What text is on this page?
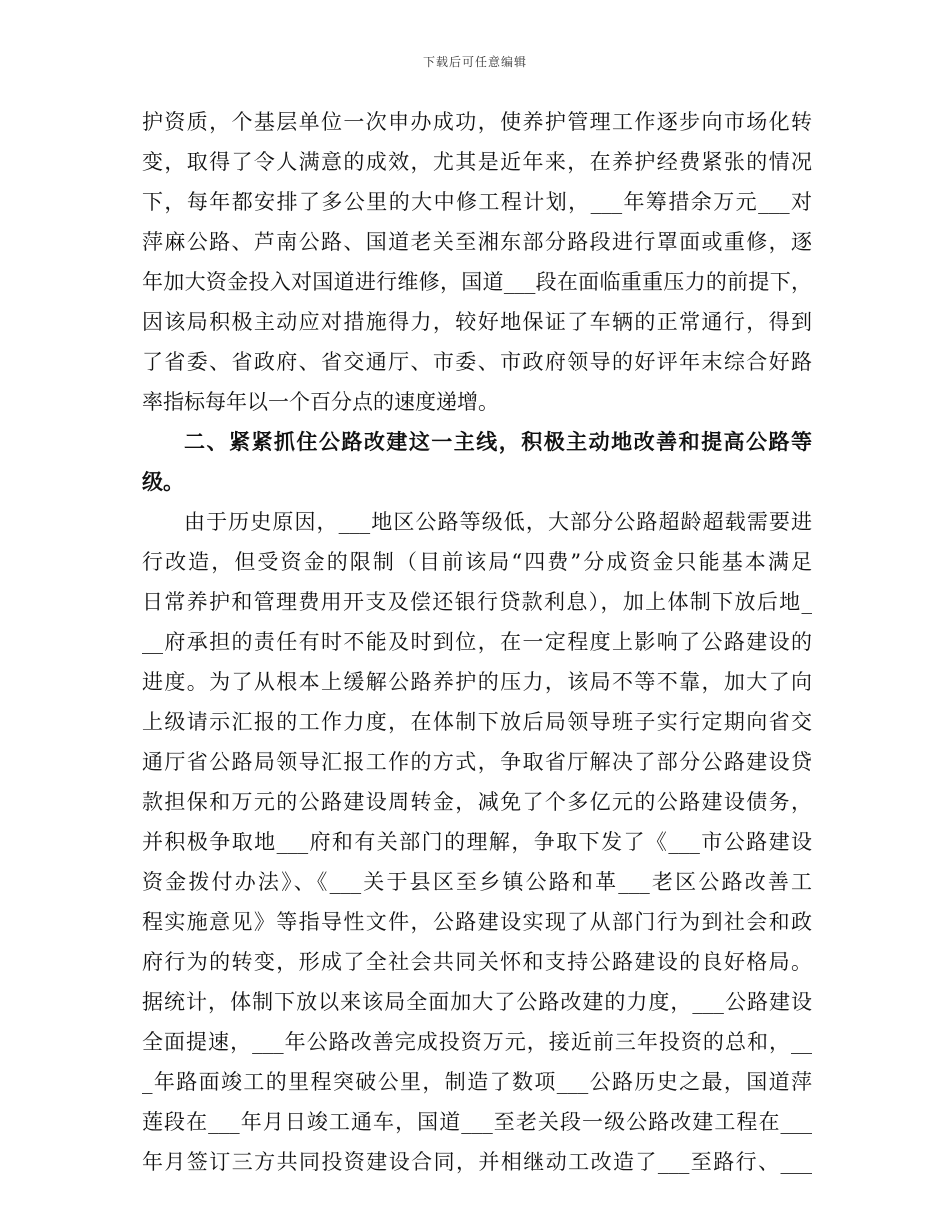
下载后可任意编辑
护资质，个基层单位一次申办成功，使养护管理工作逐步向市场化转
变，取得了令人满意的成效，尤其是近年来，在养护经费紧张的情况
下，每年都安排了多公里的大中修工程计划，___年筹措余万元___对
萍麻公路、芦南公路、国道老关至湘东部分路段进行罩面或重修，逐
年加大资金投入对国道进行维修，国道___段在面临重重压力的前提下，
因该局积极主动应对措施得力，较好地保证了车辆的正常通行，得到
了省委、省政府、省交通厅、市委、市政府领导的好评年末综合好路
率指标每年以一个百分点的速度递增。
二、紧紧抓住公路改建这一主线，积极主动地改善和提高公路等
级。
由于历史原因，___地区公路等级低，大部分公路超龄超载需要进
行改造，但受资金的限制（目前该局“四费”分成资金只能基本满足
日常养护和管理费用开支及偿还银行贷款利息），加上体制下放后地_
__府承担的责任有时不能及时到位，在一定程度上影响了公路建设的
进度。为了从根本上缓解公路养护的压力，该局不等不靠，加大了向
上级请示汇报的工作力度，在体制下放后局领导班子实行定期向省交
通厅省公路局领导汇报工作的方式，争取省厅解决了部分公路建设贷
款担保和万元的公路建设周转金，减免了个多亿元的公路建设债务，
并积极争取地___府和有关部门的理解，争取下发了《___市公路建设
资金拨付办法》、《___关于县区至乡镇公路和革___老区公路改善工
程实施意见》等指导性文件，公路建设实现了从部门行为到社会和政
府行为的转变，形成了全社会共同关怀和支持公路建设的良好格局。
据统计，体制下放以来该局全面加大了公路改建的力度，___公路建设
全面提速，___年公路改善完成投资万元，接近前三年投资的总和，__
_年路面竣工的里程突破公里，制造了数项___公路历史之最，国道萍
莲段在___年月日竣工通车，国道___至老关段一级公路改建工程在___
年月签订三方共同投资建设合同，并相继动工改造了___至路行、___
